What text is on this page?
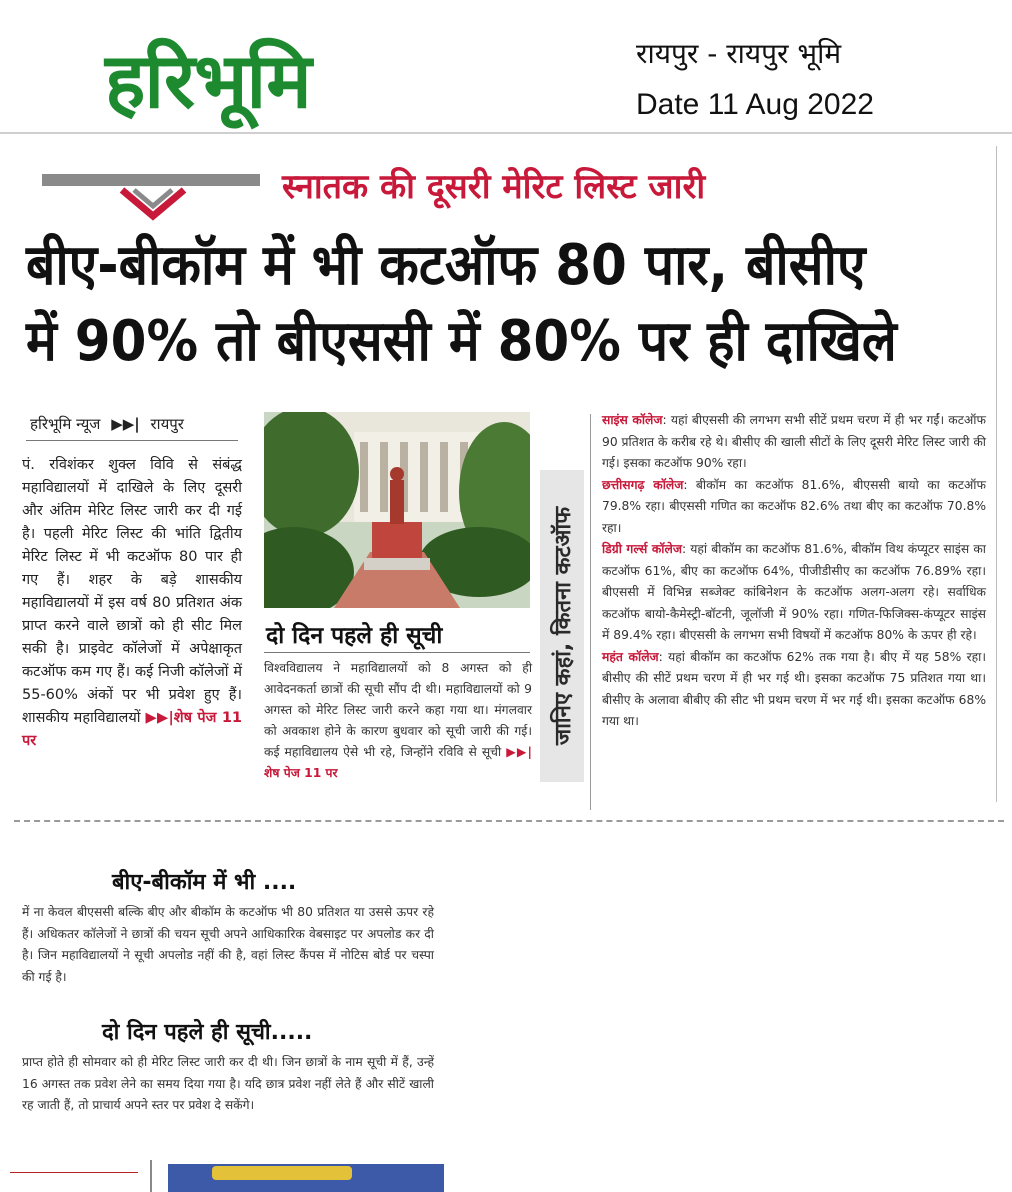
हरिभूमि	रायपुर - रायपुर भूमि
Date 11 Aug 2022
स्नातक की दूसरी मेरिट लिस्ट जारी
बीए-बीकॉम में भी कटऑफ 80 पार, बीसीए
में 90% तो बीएससी में 80% पर ही दाखिले
हरिभूमि न्यूज ▶▶| रायपुर
पं. रविशंकर शुक्ल विवि से संबंद्ध महाविद्यालयों में दाखिले के लिए दूसरी और अंतिम मेरिट लिस्ट जारी कर दी गई है। पहली मेरिट लिस्ट की भांति द्वितीय मेरिट लिस्ट में भी कटऑफ 80 पार ही गए हैं। शहर के बड़े शासकीय महाविद्यालयों में इस वर्ष 80 प्रतिशत अंक प्राप्त करने वाले छात्रों को ही सीट मिल सकी है। प्राइवेट कॉलेजों में अपेक्षाकृत कटऑफ कम गए हैं। कई निजी कॉलेजों में 55-60% अंकों पर भी प्रवेश हुए हैं। शासकीय महाविद्यालयों ▶▶|शेष पेज 11 पर
दो दिन पहले ही सूची
विश्वविद्यालय ने महाविद्यालयों को 8 अगस्त को ही आवेदनकर्ता छात्रों की सूची सौंप दी थी। महाविद्यालयों को 9 अगस्त को मेरिट लिस्ट जारी करने कहा गया था। मंगलवार को अवकाश होने के कारण बुधवार को सूची जारी की गई। कई महाविद्यालय ऐसे भी रहे, जिन्होंने रविवि से सूची ▶▶|शेष पेज 11 पर
जानिए कहां, कितना कटऑफ

साइंस कॉलेज: यहां बीएससी की लगभग सभी सीटें प्रथम चरण में ही भर गईं। कटऑफ 90 प्रतिशत के करीब रहे थे। बीसीए की खाली सीटों के लिए दूसरी मेरिट लिस्ट जारी की गई। इसका कटऑफ 90% रहा।

छत्तीसगढ़ कॉलेज: बीकॉम का कटऑफ 81.6%, बीएससी बायो का कटऑफ 79.8% रहा। बीएससी गणित का कटऑफ 82.6% तथा बीए का कटऑफ 70.8% रहा।

डिग्री गर्ल्स कॉलेज: यहां बीकॉम का कटऑफ 81.6%, बीकॉम विथ कंप्यूटर साइंस का कटऑफ 61%, बीए का कटऑफ 64%, पीजीडीसीए का कटऑफ 76.89% रहा। बीएससी में विभिन्न सब्जेक्ट कांबिनेशन के कटऑफ अलग-अलग रहे। सर्वाधिक कटऑफ बायो-कैमेस्ट्री-बॉटनी, जूलॉजी में 90% रहा। गणित-फिजिक्स-कंप्यूटर साइंस में 89.4% रहा। बीएससी के लगभग सभी विषयों में कटऑफ 80% के ऊपर ही रहे।

महंत कॉलेज: यहां बीकॉम का कटऑफ 62% तक गया है। बीए में यह 58% रहा। बीसीए की सीटें प्रथम चरण में ही भर गई थी। इसका कटऑफ 75 प्रतिशत गया था। बीसीए के अलावा बीबीए की सीट भी प्रथम चरण में भर गई थी। इसका कटऑफ 68% गया था।

बीए-बीकॉम में भी ....
में ना केवल बीएससी बल्कि बीए और बीकॉम के कटऑफ भी 80 प्रतिशत या उससे ऊपर रहे हैं। अधिकतर कॉलेजों ने छात्रों की चयन सूची अपने आधिकारिक वेबसाइट पर अपलोड कर दी है। जिन महाविद्यालयों ने सूची अपलोड नहीं की है, वहां लिस्ट कैंपस में नोटिस बोर्ड पर चस्पा की गई है।
दो दिन पहले ही सूची.....
प्राप्त होते ही सोमवार को ही मेरिट लिस्ट जारी कर दी थी। जिन छात्रों के नाम सूची में हैं, उन्हें 16 अगस्त तक प्रवेश लेने का समय दिया गया है। यदि छात्र प्रवेश नहीं लेते हैं और सीटें खाली रह जाती हैं, तो प्राचार्य अपने स्तर पर प्रवेश दे सकेंगे।
